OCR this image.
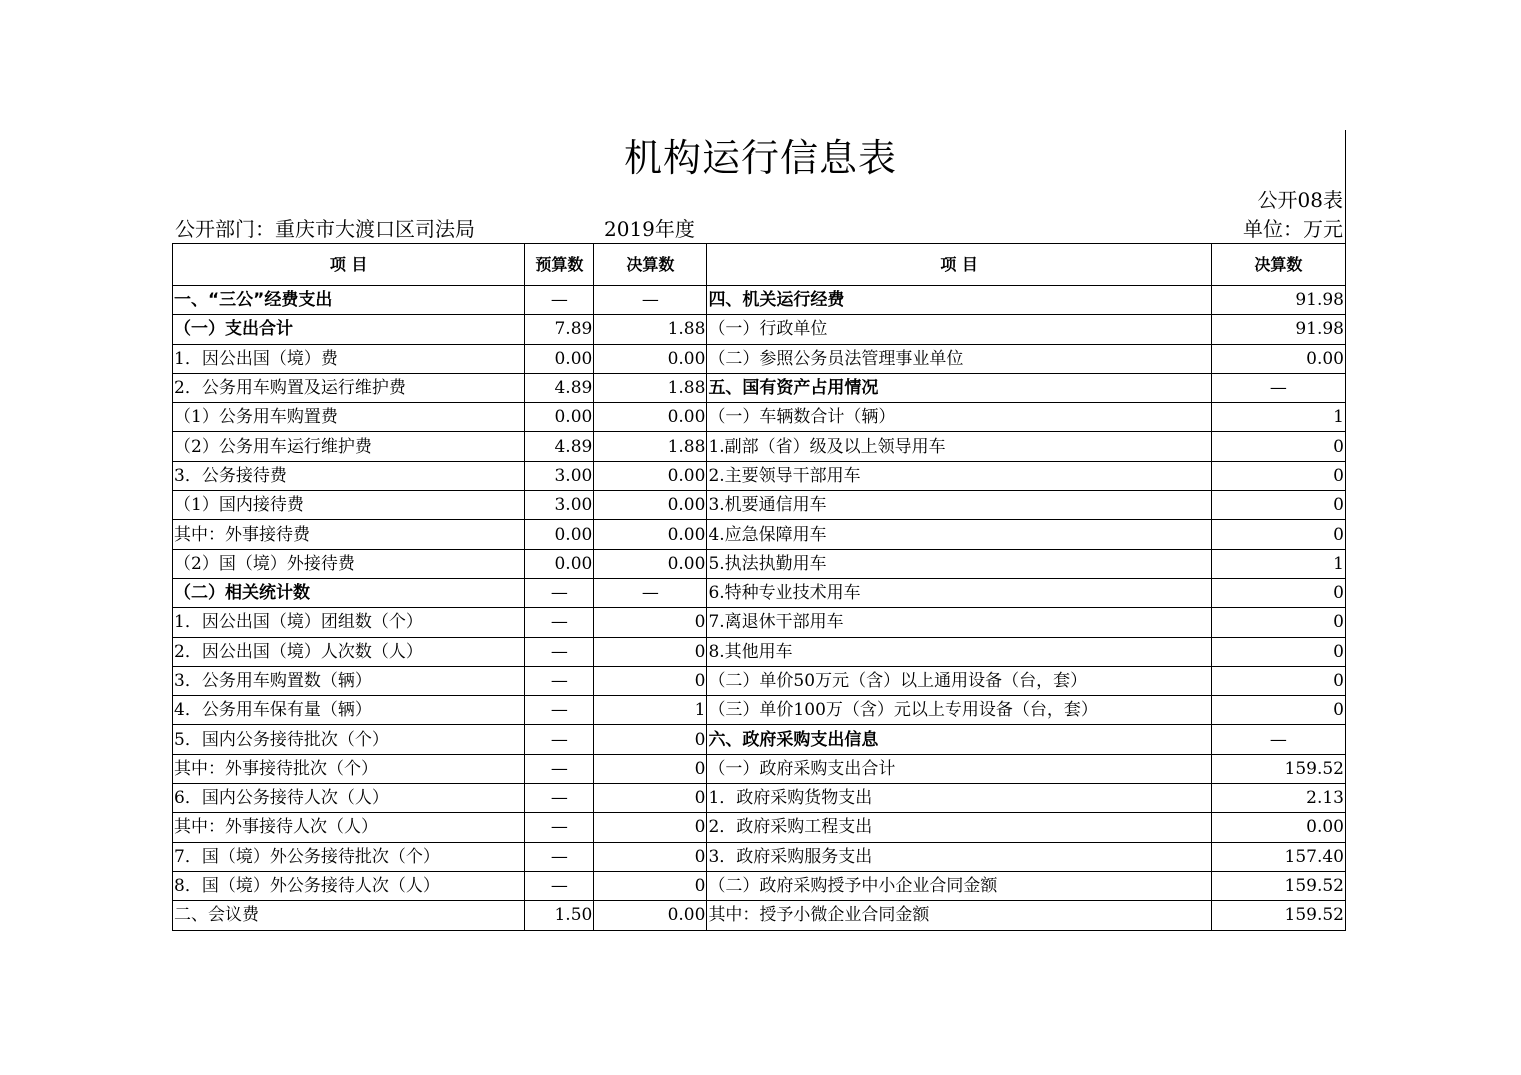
机构运行信息表
公开08表
公开部门：重庆市大渡口区司法局	2019年度	单位：万元
项 目	预算数	决算数	项 目	决算数
一、“三公”经费支出	—	—	四、机关运行经费	91.98
（一）支出合计	7.89	1.88	（一）行政单位	91.98
1．因公出国（境）费	0.00	0.00	（二）参照公务员法管理事业单位	0.00
2．公务用车购置及运行维护费	4.89	1.88	五、国有资产占用情况	—
（1）公务用车购置费	0.00	0.00	（一）车辆数合计（辆）	1
（2）公务用车运行维护费	4.89	1.88	1.副部（省）级及以上领导用车	0
3．公务接待费	3.00	0.00	2.主要领导干部用车	0
（1）国内接待费	3.00	0.00	3.机要通信用车	0
其中：外事接待费	0.00	0.00	4.应急保障用车	0
（2）国（境）外接待费	0.00	0.00	5.执法执勤用车	1
（二）相关统计数	—	—	6.特种专业技术用车	0
1．因公出国（境）团组数（个）	—	0	7.离退休干部用车	0
2．因公出国（境）人次数（人）	—	0	8.其他用车	0
3．公务用车购置数（辆）	—	0	（二）单价50万元（含）以上通用设备（台，套）	0
4．公务用车保有量（辆）	—	1	（三）单价100万（含）元以上专用设备（台，套）	0
5．国内公务接待批次（个）	—	0	六、政府采购支出信息	—
其中：外事接待批次（个）	—	0	（一）政府采购支出合计	159.52
6．国内公务接待人次（人）	—	0	1．政府采购货物支出	2.13
其中：外事接待人次（人）	—	0	2．政府采购工程支出	0.00
7．国（境）外公务接待批次（个）	—	0	3．政府采购服务支出	157.40
8．国（境）外公务接待人次（人）	—	0	（二）政府采购授予中小企业合同金额	159.52
二、会议费	1.50	0.00	其中：授予小微企业合同金额	159.52
